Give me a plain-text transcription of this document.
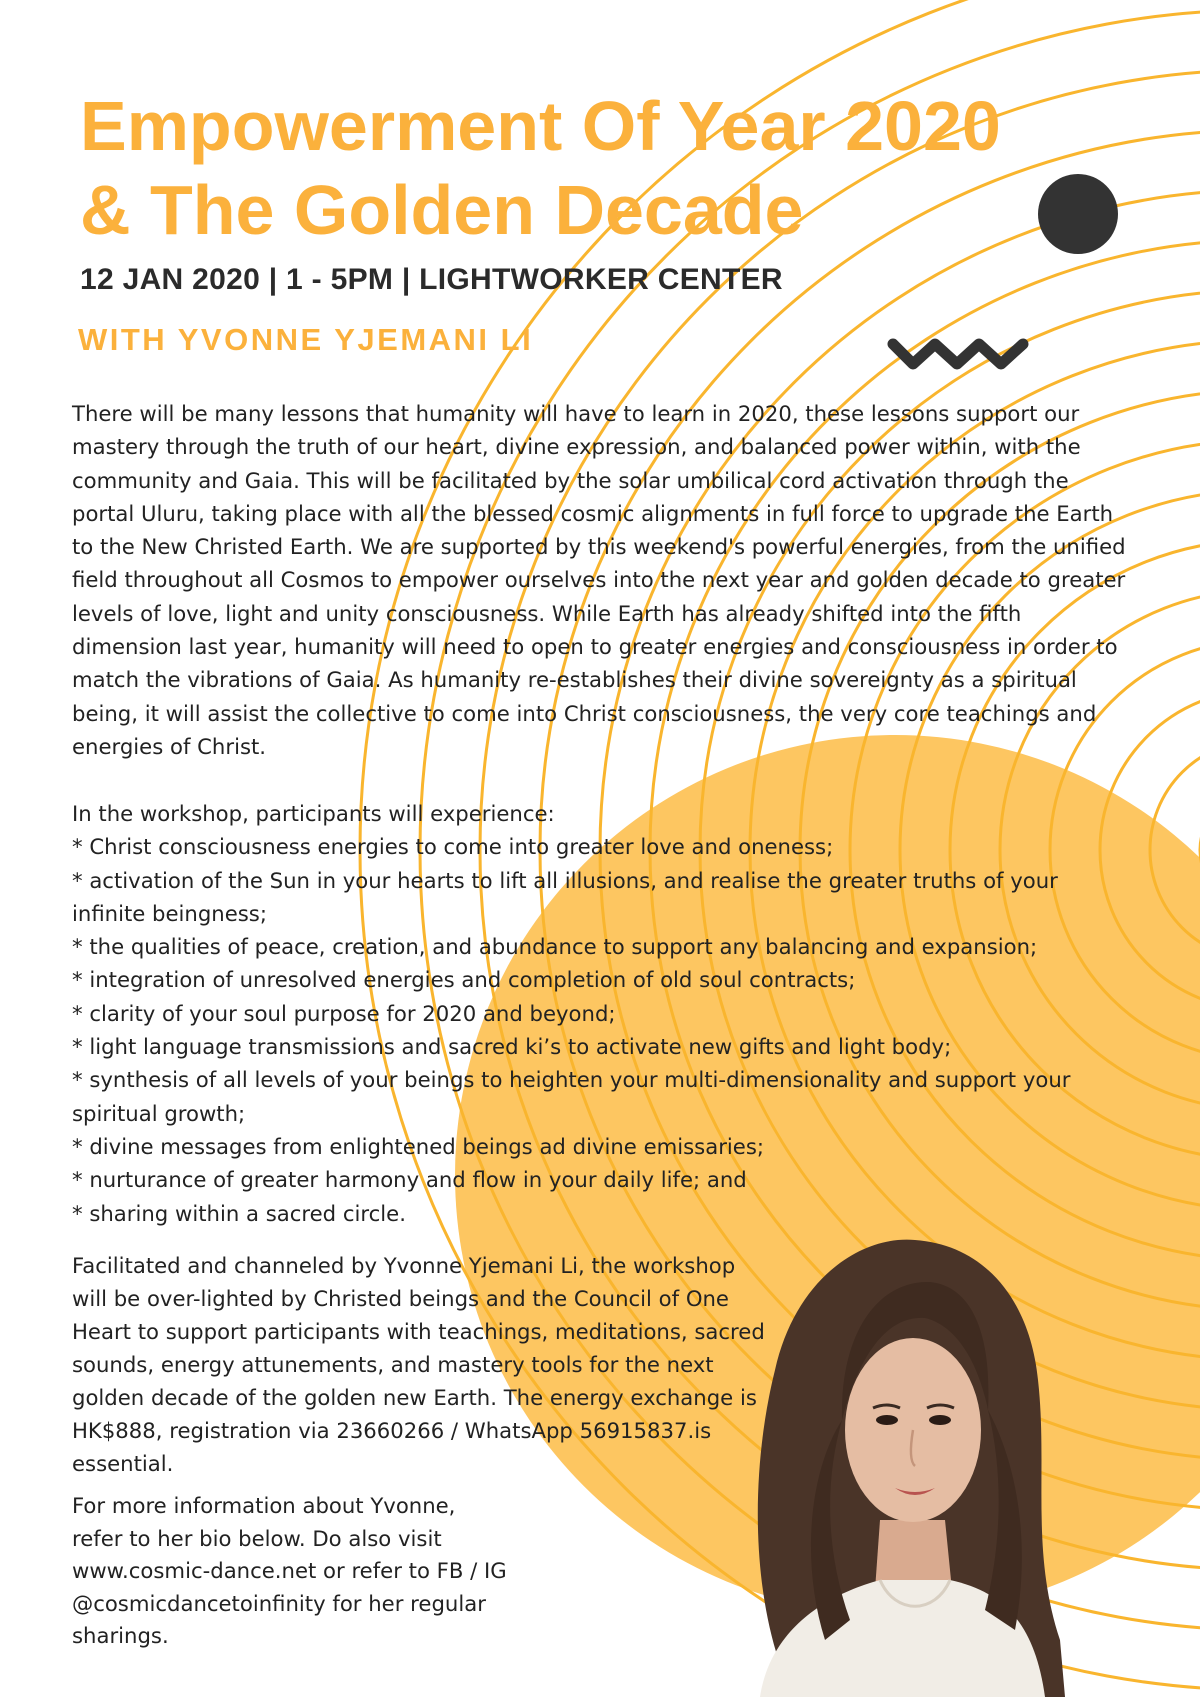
Empowerment Of Year 2020
& The Golden Decade
12 JAN 2020 | 1 - 5PM | LIGHTWORKER CENTER
WITH YVONNE YJEMANI LI

There will be many lessons that humanity will have to learn in 2020, these lessons support our mastery through the truth of our heart, divine expression, and balanced power within, with the community and Gaia. This will be facilitated by the solar umbilical cord activation through the portal Uluru, taking place with all the blessed cosmic alignments in full force to upgrade the Earth to the New Christed Earth. We are supported by this weekend's powerful energies, from the unified field throughout all Cosmos to empower ourselves into the next year and golden decade to greater levels of love, light and unity consciousness. While Earth has already shifted into the fifth dimension last year, humanity will need to open to greater energies and consciousness in order to match the vibrations of Gaia. As humanity re-establishes their divine sovereignty as a spiritual being, it will assist the collective to come into Christ consciousness, the very core teachings and energies of Christ.

In the workshop, participants will experience:
* Christ consciousness energies to come into greater love and oneness;
* activation of the Sun in your hearts to lift all illusions, and realise the greater truths of your infinite beingness;
* the qualities of peace, creation, and abundance to support any balancing and expansion;
* integration of unresolved energies and completion of old soul contracts;
* clarity of your soul purpose for 2020 and beyond;
* light language transmissions and sacred ki’s to activate new gifts and light body;
* synthesis of all levels of your beings to heighten your multi-dimensionality and support your spiritual growth;
* divine messages from enlightened beings ad divine emissaries;
* nurturance of greater harmony and flow in your daily life; and
* sharing within a sacred circle.

Facilitated and channeled by Yvonne Yjemani Li, the workshop will be over-lighted by Christed beings and the Council of One Heart to support participants with teachings, meditations, sacred sounds, energy attunements, and mastery tools for the next golden decade of the golden new Earth. The energy exchange is HK$888, registration via 23660266 / WhatsApp 56915837.is essential.

For more information about Yvonne, refer to her bio below. Do also visit www.cosmic-dance.net or refer to FB / IG @cosmicdancetoinfinity for her regular sharings.
